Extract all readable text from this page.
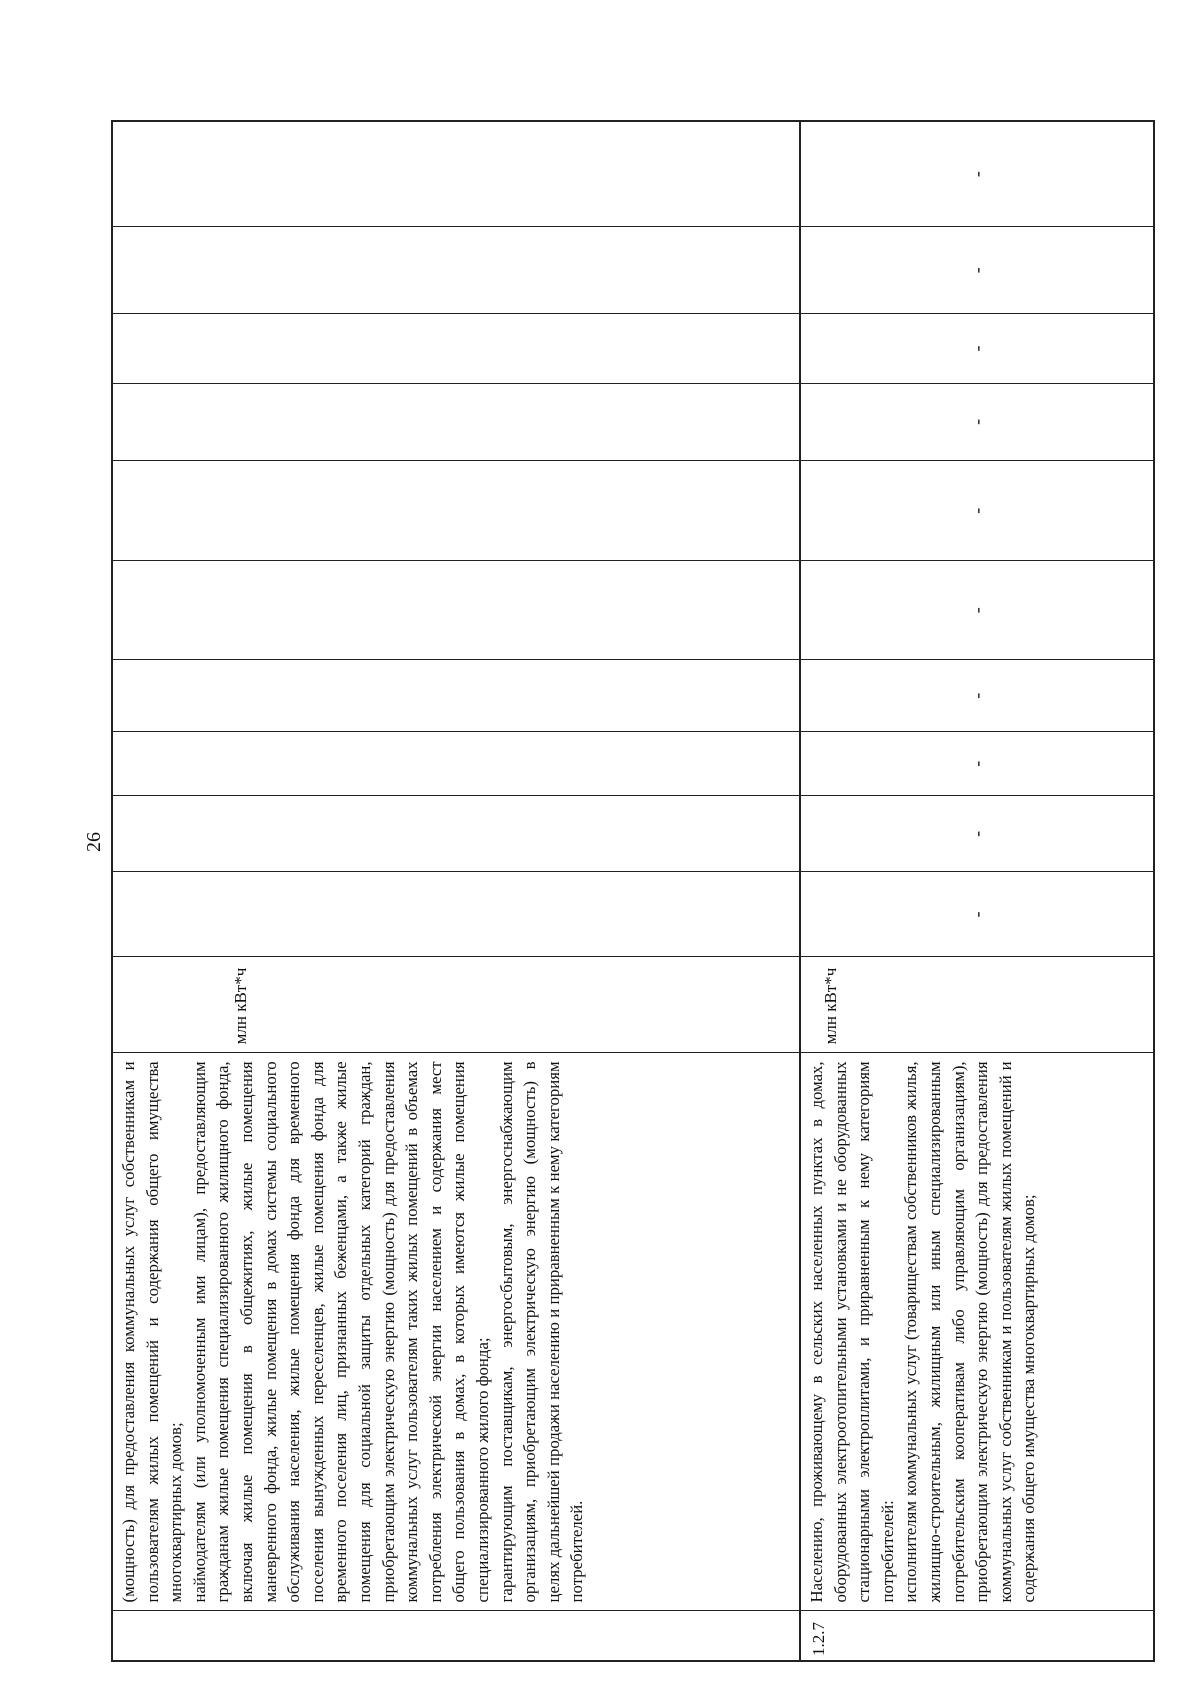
26

(мощность) для предоставления коммунальных услуг собственникам и пользователям жилых помещений и содержания общего имущества многоквартирных домов;
наймодателям (или уполномоченным ими лицам), предоставляющим гражданам жилые помещения специализированного жилищного фонда, включая жилые помещения в общежитиях, жилые помещения маневренного фонда, жилые помещения в домах системы социального обслуживания населения, жилые помещения фонда для временного поселения вынужденных переселенцев, жилые помещения фонда для временного поселения лиц, признанных беженцами, а также жилые помещения для социальной защиты отдельных категорий граждан, приобретающим электрическую энергию (мощность) для предоставления коммунальных услуг пользователям таких жилых помещений в объемах потребления электрической энергии населением и содержания мест общего пользования в домах, в которых имеются жилые помещения специализированного жилого фонда;
гарантирующим поставщикам, энергосбытовым, энергоснабжающим организациям, приобретающим электрическую энергию (мощность) в целях дальнейшей продажи населению и приравненным к нему категориям потребителей.

млн кВт*ч
1.2.7

Населению, проживающему в сельских населенных пунктах в домах, оборудованных электроотопительными установками и не оборудованных стационарными электроплитами, и приравненным к нему категориям потребителей:
исполнителям коммунальных услуг (товариществам собственников жилья, жилищно-строительным, жилищным или иным специализированным потребительским кооперативам либо управляющим организациям), приобретающим электрическую энергию (мощность) для предоставления коммунальных услуг собственникам и пользователям жилых помещений и содержания общего имущества многоквартирных домов;

млн кВт*ч
-
-
-
-
-
-
-
-
-
-
